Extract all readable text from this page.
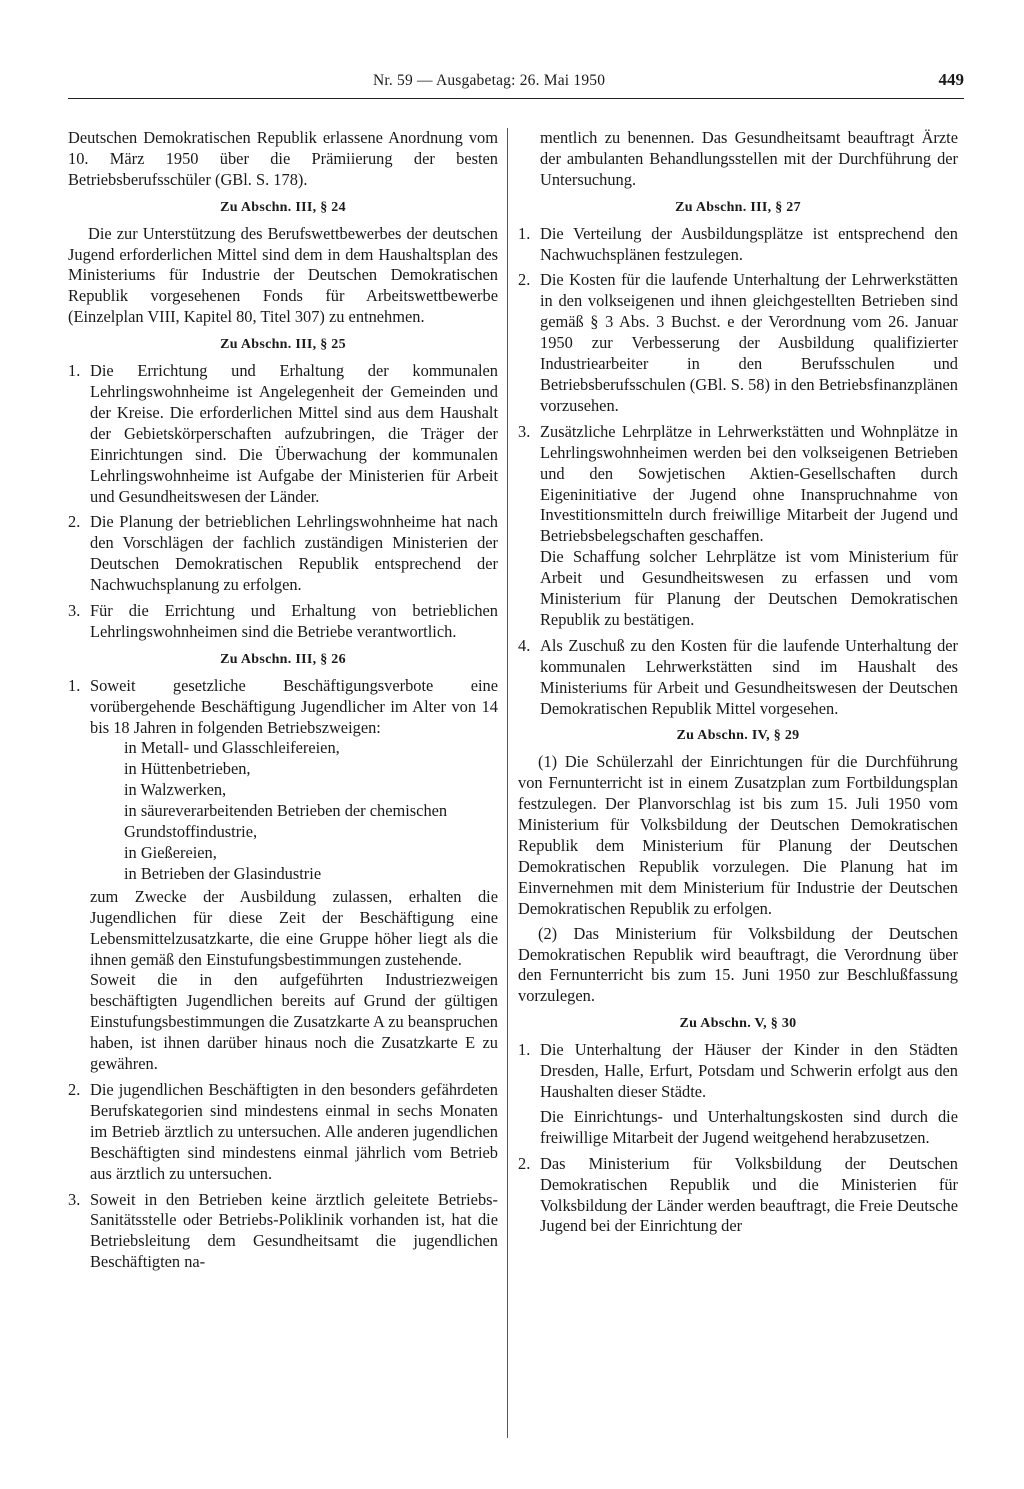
Nr. 59 — Ausgabetag: 26. Mai 1950	449

Deutschen Demokratischen Republik erlassene Anordnung vom 10. März 1950 über die Prämiierung der besten Betriebsberufsschüler (GBl. S. 178).

Zu Abschn. III, § 24

Die zur Unterstützung des Berufswettbewerbes der deutschen Jugend erforderlichen Mittel sind dem in dem Haushaltsplan des Ministeriums für Industrie der Deutschen Demokratischen Republik vorgesehenen Fonds für Arbeitswettbewerbe (Einzelplan VIII, Kapitel 80, Titel 307) zu entnehmen.

Zu Abschn. III, § 25
1. Die Errichtung und Erhaltung der kommunalen Lehrlingswohnheime ist Angelegenheit der Gemeinden und der Kreise. Die erforderlichen Mittel sind aus dem Haushalt der Gebietskörperschaften aufzubringen, die Träger der Einrichtungen sind. Die Überwachung der kommunalen Lehrlingswohnheime ist Aufgabe der Ministerien für Arbeit und Gesundheitswesen der Länder.

2. Die Planung der betrieblichen Lehrlingswohnheime hat nach den Vorschlägen der fachlich zuständigen Ministerien der Deutschen Demokratischen Republik entsprechend der Nachwuchsplanung zu erfolgen.

3. Für die Errichtung und Erhaltung von betrieblichen Lehrlingswohnheimen sind die Betriebe verantwortlich.

Zu Abschn. III, § 26
1. Soweit gesetzliche Beschäftigungsverbote eine vorübergehende Beschäftigung Jugendlicher im Alter von 14 bis 18 Jahren in folgenden Betriebszweigen:

in Metall- und Glasschleifereien,
in Hüttenbetrieben,
in Walzwerken,
in säureverarbeitenden Betrieben der chemischen Grundstoffindustrie,
in Gießereien,
in Betrieben der Glasindustrie

zum Zwecke der Ausbildung zulassen, erhalten die Jugendlichen für diese Zeit der Beschäftigung eine Lebensmittelzusatzkarte, die eine Gruppe höher liegt als die ihnen gemäß den Einstufungsbestimmungen zustehende.

Soweit die in den aufgeführten Industriezweigen beschäftigten Jugendlichen bereits auf Grund der gültigen Einstufungsbestimmungen die Zusatzkarte A zu beanspruchen haben, ist ihnen darüber hinaus noch die Zusatzkarte E zu gewähren.

2. Die jugendlichen Beschäftigten in den besonders gefährdeten Berufskategorien sind mindestens einmal in sechs Monaten im Betrieb ärztlich zu untersuchen. Alle anderen jugendlichen Beschäftigten sind mindestens einmal jährlich vom Betrieb aus ärztlich zu untersuchen.

3. Soweit in den Betrieben keine ärztlich geleitete Betriebs-Sanitätsstelle oder Betriebs-Poliklinik vorhanden ist, hat die Betriebsleitung dem Gesundheitsamt die jugendlichen Beschäftigten na-

mentlich zu benennen. Das Gesundheitsamt beauftragt Ärzte der ambulanten Behandlungsstellen mit der Durchführung der Untersuchung.

Zu Abschn. III, § 27
1. Die Verteilung der Ausbildungsplätze ist entsprechend den Nachwuchsplänen festzulegen.

2. Die Kosten für die laufende Unterhaltung der Lehrwerkstätten in den volkseigenen und ihnen gleichgestellten Betrieben sind gemäß § 3 Abs. 3 Buchst. e der Verordnung vom 26. Januar 1950 zur Verbesserung der Ausbildung qualifizierter Industriearbeiter in den Berufsschulen und Betriebsberufsschulen (GBl. S. 58) in den Betriebsfinanzplänen vorzusehen.

3. Zusätzliche Lehrplätze in Lehrwerkstätten und Wohnplätze in Lehrlingswohnheimen werden bei den volkseigenen Betrieben und den Sowjetischen Aktien-Gesellschaften durch Eigeninitiative der Jugend ohne Inanspruchnahme von Investitionsmitteln durch freiwillige Mitarbeit der Jugend und Betriebsbelegschaften geschaffen.

Die Schaffung solcher Lehrplätze ist vom Ministerium für Arbeit und Gesundheitswesen zu erfassen und vom Ministerium für Planung der Deutschen Demokratischen Republik zu bestätigen.

4. Als Zuschuß zu den Kosten für die laufende Unterhaltung der kommunalen Lehrwerkstätten sind im Haushalt des Ministeriums für Arbeit und Gesundheitswesen der Deutschen Demokratischen Republik Mittel vorgesehen.

Zu Abschn. IV, § 29

(1) Die Schülerzahl der Einrichtungen für die Durchführung von Fernunterricht ist in einem Zusatzplan zum Fortbildungsplan festzulegen. Der Planvorschlag ist bis zum 15. Juli 1950 vom Ministerium für Volksbildung der Deutschen Demokratischen Republik dem Ministerium für Planung der Deutschen Demokratischen Republik vorzulegen. Die Planung hat im Einvernehmen mit dem Ministerium für Industrie der Deutschen Demokratischen Republik zu erfolgen.

(2) Das Ministerium für Volksbildung der Deutschen Demokratischen Republik wird beauftragt, die Verordnung über den Fernunterricht bis zum 15. Juni 1950 zur Beschlußfassung vorzulegen.

Zu Abschn. V, § 30
1. Die Unterhaltung der Häuser der Kinder in den Städten Dresden, Halle, Erfurt, Potsdam und Schwerin erfolgt aus den Haushalten dieser Städte.

Die Einrichtungs- und Unterhaltungskosten sind durch die freiwillige Mitarbeit der Jugend weitgehend herabzusetzen.

2. Das Ministerium für Volksbildung der Deutschen Demokratischen Republik und die Ministerien für Volksbildung der Länder werden beauftragt, die Freie Deutsche Jugend bei der Einrichtung der
